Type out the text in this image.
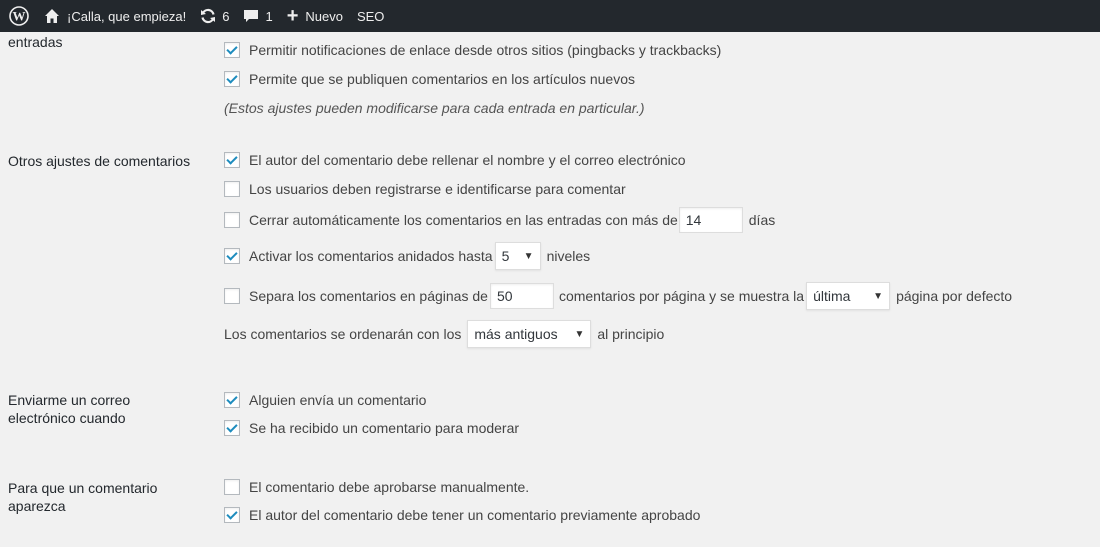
W	¡Calla, que empieza!	6	1 + Nuevo SEO
entradas	Permitir notificaciones de enlace desde otros sitios (pingbacks y trackbacks)
Permite que se publiquen comentarios en los artículos nuevos
(Estos ajustes pueden modificarse para cada entrada en particular.)
Otros ajustes de comentarios	El autor del comentario debe rellenar el nombre y el correo electrónico
Los usuarios deben registrarse e identificarse para comentar
Cerrar automáticamente los comentarios en las entradas con más de 14	días
Activar los comentarios anidados hasta 5 ▼ niveles
Separa los comentarios en páginas de 50	comentarios por página y se muestra la última ▼ página por defecto
Los comentarios se ordenarán con los más antiguos ▼ al principio
Enviarme un correo electrónico cuando
Alguien envía un comentario
Se ha recibido un comentario para moderar
Para que un comentario aparezca
El comentario debe aprobarse manualmente.
El autor del comentario debe tener un comentario previamente aprobado
